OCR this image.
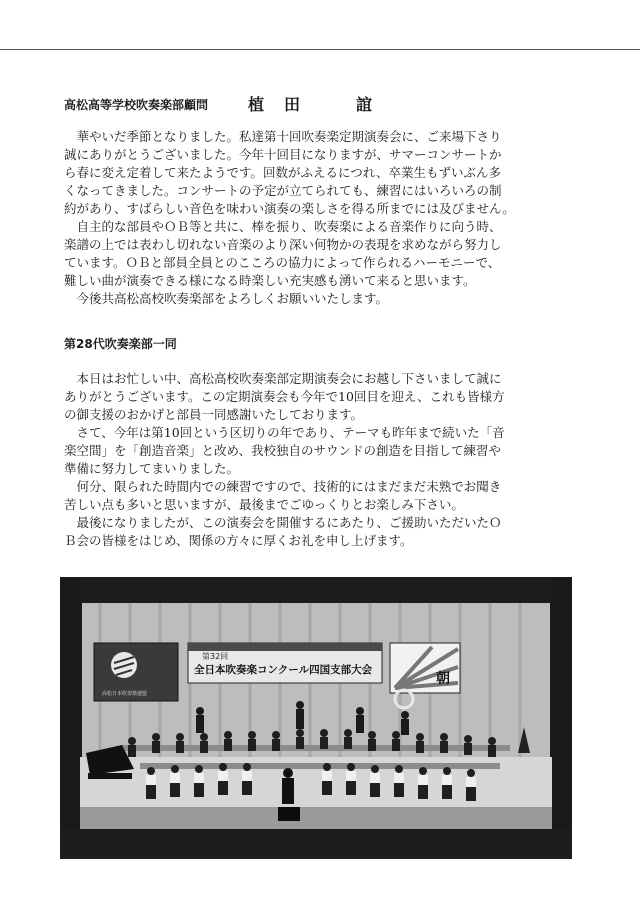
高松高等学校吹奏楽部顧問 植田 誼
　華やいだ季節となりました。私達第十回吹奏楽定期演奏会に、ご来場下さり
誠にありがとうございました。今年十回目になりますが、サマーコンサートか
ら春に変え定着して来たようです。回数がふえるにつれ、卒業生もずいぶん多
くなってきました。コンサートの予定が立てられても、練習にはいろいろの制
約があり、すばらしい音色を味わい演奏の楽しさを得る所までには及びません。
　自主的な部員やＯＢ等と共に、棒を振り、吹奏楽による音楽作りに向う時、
楽譜の上では表わし切れない音楽のより深い何物かの表現を求めながら努力し
ています。ＯＢと部員全員とのこころの協力によって作られるハーモニーで、
難しい曲が演奏できる様になる時楽しい充実感も湧いて来ると思います。
　今後共高松高校吹奏楽部をよろしくお願いいたします。
第28代吹奏楽部一同
　本日はお忙しい中、高松高校吹奏楽部定期演奏会にお越し下さいまして誠に
ありがとうございます。この定期演奏会も今年で10回目を迎え、これも皆様方
の御支援のおかげと部員一同感謝いたしております。
　さて、今年は第10回という区切りの年であり、テーマも昨年まで続いた「音
楽空間」を「創造音楽」と改め、我校独自のサウンドの創造を目指して練習や
準備に努力してまいりました。
　何分、限られた時間内での練習ですので、技術的にはまだまだ未熟でお聞き
苦しい点も多いと思いますが、最後までごゆっくりとお楽しみ下さい。
　最後になりましたが、この演奏会を開催するにあたり、ご援助いただいたＯ
Ｂ会の皆様をはじめ、関係の方々に厚くお礼を申し上げます。
高松日本吹奏楽連盟
第32回
全日本吹奏楽コンクール四国支部大会
朝
